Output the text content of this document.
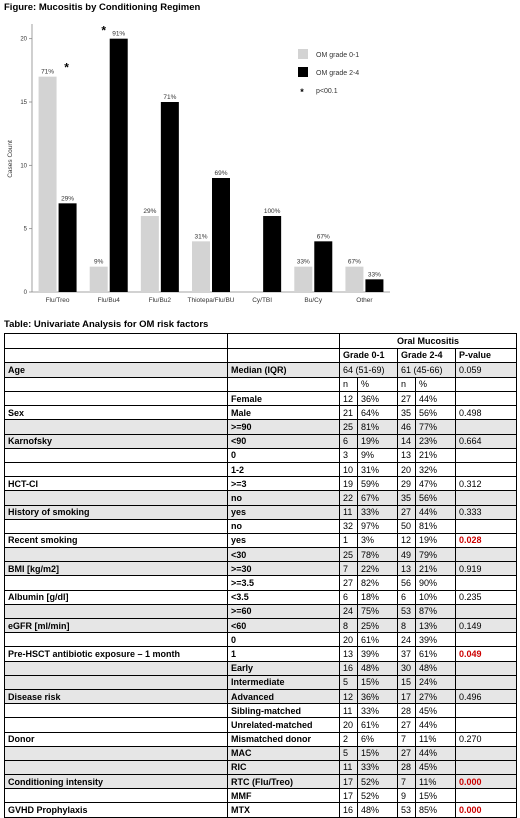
Figure: Mucositis by Conditioning Regimen
0
5
10
15
20
Cases Count
71%
29%
Flu/Treo
*
9%
91%
Flu/Bu4
*
29%
71%
Flu/Bu2
31%
69%
Thiotepa/Flu/BU
100%
Cy/TBI
33%
67%
Bu/Cy
67%
33%
Other
OM grade 0-1
OM grade 2-4
* p<00.1
Table: Univariate Analysis for OM risk factors
		Oral Mucositis				
		Grade 0-1		Grade 2-4		P-value
Age	Median (IQR)	64 (51-69)		61 (45-66)		0.059
		n	%	n	%	
	Female	12	36%	27	44%	
Sex	Male	21	64%	35	56%	0.498
	>=90	25	81%	46	77%	
Karnofsky	<90	6	19%	14	23%	0.664
	0	3	9%	13	21%	
	1-2	10	31%	20	32%	
HCT-CI	>=3	19	59%	29	47%	0.312
	no	22	67%	35	56%	
History of smoking	yes	11	33%	27	44%	0.333
	no	32	97%	50	81%	
Recent smoking	yes	1	3%	12	19%	0.028
	<30	25	78%	49	79%	
BMI [kg/m2]	>=30	7	22%	13	21%	0.919
	>=3.5	27	82%	56	90%	
Albumin [g/dl]	<3.5	6	18%	6	10%	0.235
	>=60	24	75%	53	87%	
eGFR [ml/min]	<60	8	25%	8	13%	0.149
	0	20	61%	24	39%	
Pre-HSCT antibiotic exposure – 1 month	1	13	39%	37	61%	0.049
	Early	16	48%	30	48%	
	Intermediate	5	15%	15	24%	
Disease risk	Advanced	12	36%	17	27%	0.496
	Sibling-matched	11	33%	28	45%	
	Unrelated-matched	20	61%	27	44%	
Donor	Mismatched donor	2	6%	7	11%	0.270
	MAC	5	15%	27	44%	
	RIC	11	33%	28	45%	
Conditioning intensity	RTC (Flu/Treo)	17	52%	7	11%	0.000
	MMF	17	52%	9	15%	
GVHD Prophylaxis	MTX	16	48%	53	85%	0.000
